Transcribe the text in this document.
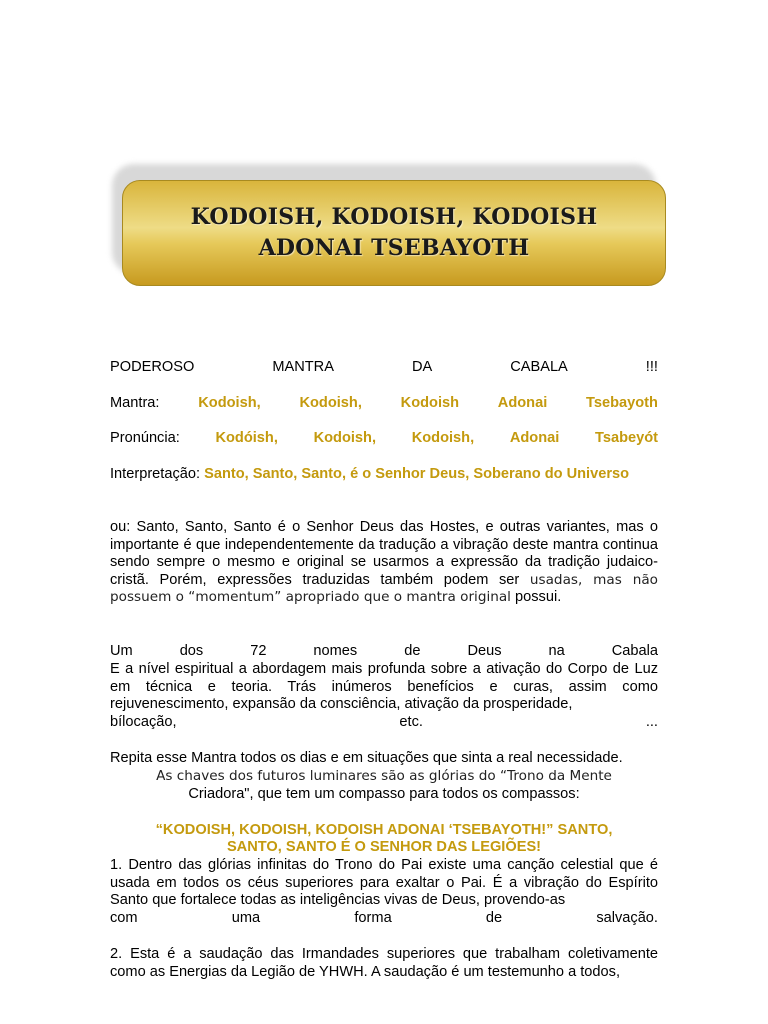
KODOISH, KODOISH, KODOISH
ADONAI TSEBAYOTH
PODEROSO	MANTRA	DA	CABALA	!!!
Mantra:	Kodoish,	Kodoish,	Kodoish	Adonai	Tsebayoth
Pronúncia: Kodóish, Kodoish, Kodoish, Adonai Tsabeyót
Interpretação: Santo, Santo, Santo, é o Senhor Deus, Soberano do Universo
ou: Santo, Santo, Santo é o Senhor Deus das Hostes, e outras variantes, mas o importante é que independentemente da tradução a vibração deste mantra continua sendo sempre o mesmo e original se usarmos a expressão da tradição judaico-cristã. Porém, expressões traduzidas também podem ser usadas, mas não possuem o “momentum” apropriado que o mantra original possui.
Um	dos	72	nomes	de	Deus	na	Cabala
E a nível espiritual a abordagem mais profunda sobre a ativação do Corpo de Luz em técnica e teoria. Trás inúmeros benefícios e curas, assim como rejuvenescimento, expansão da consciência, ativação da prosperidade,
bílocação,	etc.	...
Repita esse Mantra todos os dias e em situações que sinta a real necessidade.
As chaves dos futuros luminares são as glórias do “Trono da Mente
Criadora", que tem um compasso para todos os compassos:
“KODOISH, KODOISH, KODOISH ADONAI ‘TSEBAYOTH!” SANTO,
SANTO, SANTO É O SENHOR DAS LEGIÕES!
1. Dentro das glórias infinitas do Trono do Pai existe uma canção celestial que é usada em todos os céus superiores para exaltar o Pai. É a vibração do Espírito Santo que fortalece todas as inteligências vivas de Deus, provendo-as
com	uma	forma	de	salvação.
2. Esta é a saudação das Irmandades superiores que trabalham coletivamente como as Energias da Legião de YHWH. A saudação é um testemunho a todos,
